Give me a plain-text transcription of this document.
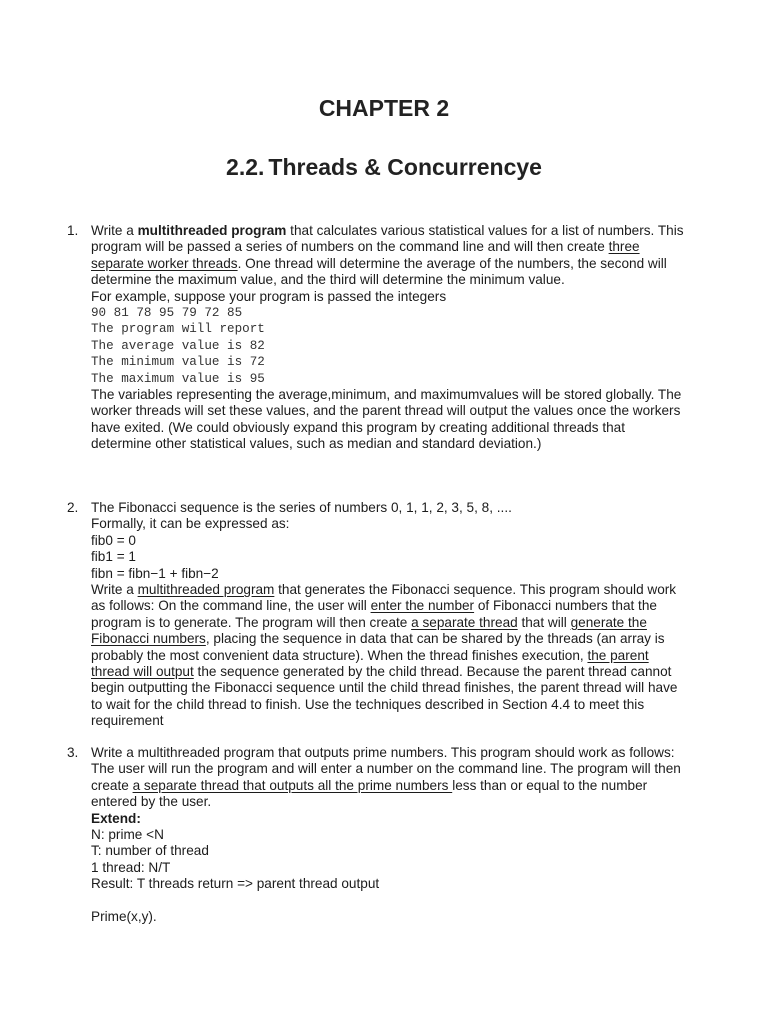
CHAPTER 2
2.2. Threads & Concurrencye
1. Write a multithreaded program that calculates various statistical values for a list of numbers. This program will be passed a series of numbers on the command line and will then create three separate worker threads. One thread will determine the average of the numbers, the second will determine the maximum value, and the third will determine the minimum value.

For example, suppose your program is passed the integers

90 81 78 95 79 72 85
The program will report
The average value is 82
The minimum value is 72
The maximum value is 95

The variables representing the average,minimum, and maximumvalues will be stored globally. The worker threads will set these values, and the parent thread will output the values once the workers have exited. (We could obviously expand this program by creating additional threads that determine other statistical values, such as median and standard deviation.)

2. The Fibonacci sequence is the series of numbers 0, 1, 1, 2, 3, 5, 8, ....

Formally, it can be expressed as:

fib0 = 0

fib1 = 1

fibn = fibn−1 + fibn−2

Write a multithreaded program that generates the Fibonacci sequence. This program should work as follows: On the command line, the user will enter the number of Fibonacci numbers that the program is to generate. The program will then create a separate thread that will generate the Fibonacci numbers, placing the sequence in data that can be shared by the threads (an array is probably the most convenient data structure). When the thread finishes execution, the parent thread will output the sequence generated by the child thread. Because the parent thread cannot begin outputting the Fibonacci sequence until the child thread finishes, the parent thread will have to wait for the child thread to finish. Use the techniques described in Section 4.4 to meet this requirement

3. Write a multithreaded program that outputs prime numbers. This program should work as follows: The user will run the program and will enter a number on the command line. The program will then create a separate thread that outputs all the prime numbers less than or equal to the number entered by the user.

Extend:

N: prime <N

T: number of thread

1 thread: N/T

Result: T threads return => parent thread output

Prime(x,y).
